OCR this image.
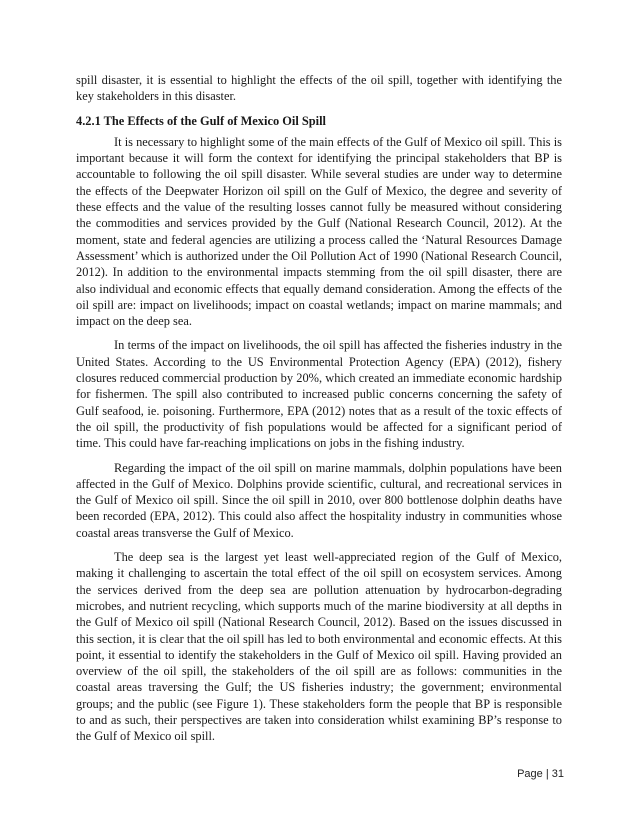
spill disaster, it is essential to highlight the effects of the oil spill, together with identifying the key stakeholders in this disaster.

4.2.1 The Effects of the Gulf of Mexico Oil Spill

It is necessary to highlight some of the main effects of the Gulf of Mexico oil spill. This is important because it will form the context for identifying the principal stakeholders that BP is accountable to following the oil spill disaster. While several studies are under way to determine the effects of the Deepwater Horizon oil spill on the Gulf of Mexico, the degree and severity of these effects and the value of the resulting losses cannot fully be measured without considering the commodities and services provided by the Gulf (National Research Council, 2012). At the moment, state and federal agencies are utilizing a process called the ‘Natural Resources Damage Assessment’ which is authorized under the Oil Pollution Act of 1990 (National Research Council, 2012). In addition to the environmental impacts stemming from the oil spill disaster, there are also individual and economic effects that equally demand consideration. Among the effects of the oil spill are: impact on livelihoods; impact on coastal wetlands; impact on marine mammals; and impact on the deep sea.

In terms of the impact on livelihoods, the oil spill has affected the fisheries industry in the United States. According to the US Environmental Protection Agency (EPA) (2012), fishery closures reduced commercial production by 20%, which created an immediate economic hardship for fishermen. The spill also contributed to increased public concerns concerning the safety of Gulf seafood, ie. poisoning. Furthermore, EPA (2012) notes that as a result of the toxic effects of the oil spill, the productivity of fish populations would be affected for a significant period of time. This could have far-reaching implications on jobs in the fishing industry.

Regarding the impact of the oil spill on marine mammals, dolphin populations have been affected in the Gulf of Mexico. Dolphins provide scientific, cultural, and recreational services in the Gulf of Mexico oil spill. Since the oil spill in 2010, over 800 bottlenose dolphin deaths have been recorded (EPA, 2012). This could also affect the hospitality industry in communities whose coastal areas transverse the Gulf of Mexico.

The deep sea is the largest yet least well-appreciated region of the Gulf of Mexico, making it challenging to ascertain the total effect of the oil spill on ecosystem services. Among the services derived from the deep sea are pollution attenuation by hydrocarbon-degrading microbes, and nutrient recycling, which supports much of the marine biodiversity at all depths in the Gulf of Mexico oil spill (National Research Council, 2012). Based on the issues discussed in this section, it is clear that the oil spill has led to both environmental and economic effects. At this point, it essential to identify the stakeholders in the Gulf of Mexico oil spill. Having provided an overview of the oil spill, the stakeholders of the oil spill are as follows: communities in the coastal areas traversing the Gulf; the US fisheries industry; the government; environmental groups; and the public (see Figure 1). These stakeholders form the people that BP is responsible to and as such, their perspectives are taken into consideration whilst examining BP’s response to the Gulf of Mexico oil spill.

Page | 31
